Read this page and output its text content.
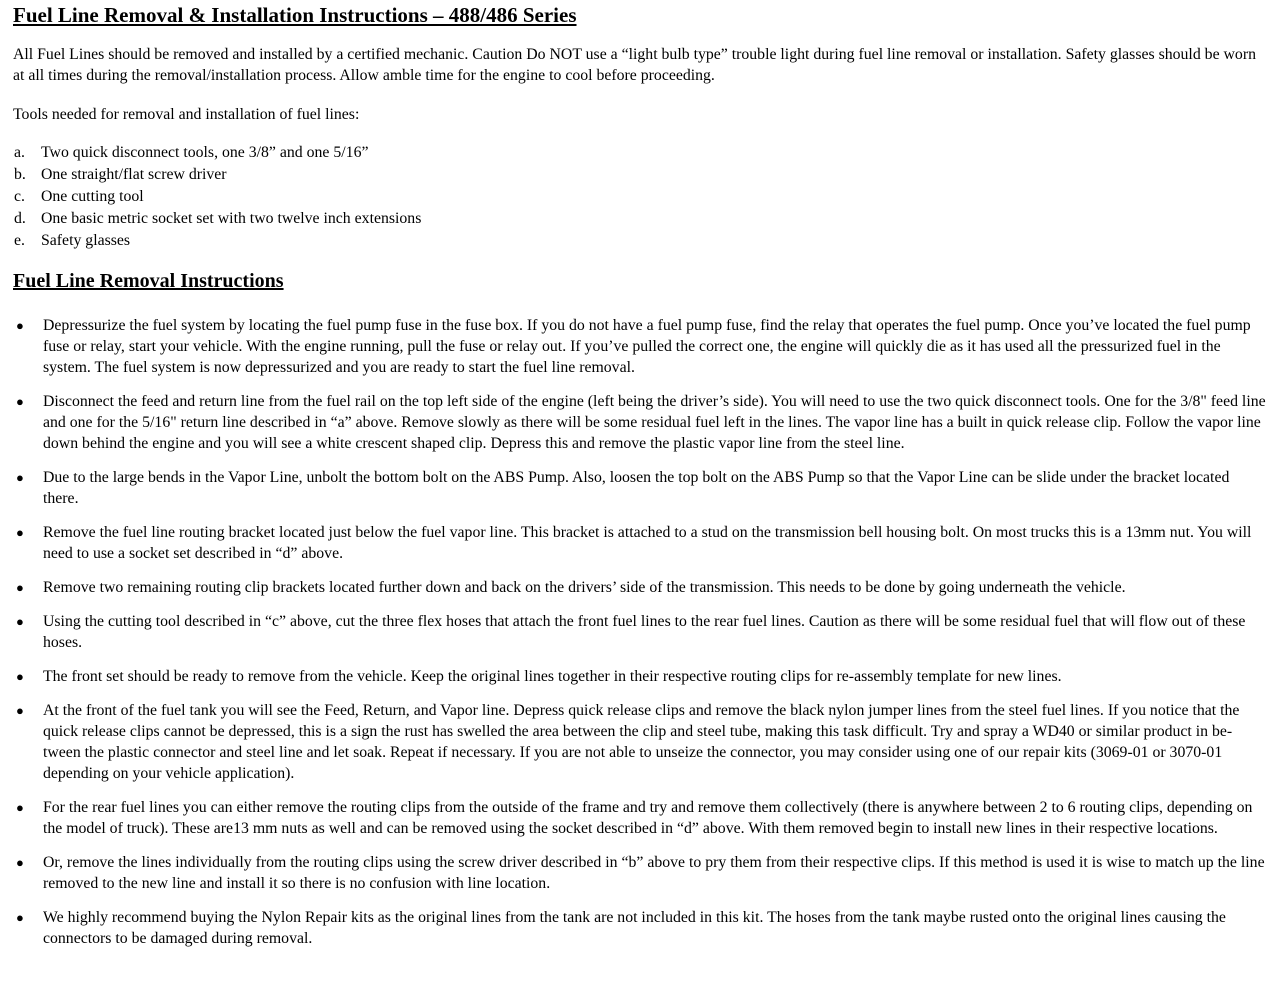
Fuel Line Removal & Installation Instructions – 488/486 Series

All Fuel Lines should be removed and installed by a certified mechanic. Caution Do NOT use a “light bulb type” trouble light during fuel line removal or installation. Safety glasses should be worn at all times during the removal/installation process. Allow amble time for the engine to cool before proceeding.

Tools needed for removal and installation of fuel lines:

a.	Two quick disconnect tools, one 3/8” and one 5/16”
b. One straight/flat screw driver
c.	One cutting tool
d. One basic metric socket set with two twelve inch extensions
e.	Safety glasses
Fuel Line Removal Instructions
●	Depressurize the fuel system by locating the fuel pump fuse in the fuse box. If you do not have a fuel pump fuse, find the relay that operates the fuel pump. Once you’ve located the fuel pump fuse or relay, start your vehicle. With the engine running, pull the fuse or relay out. If you’ve pulled the correct one, the engine will quickly die as it has used all the pressurized fuel in the system. The fuel system is now depressurized and you are ready to start the fuel line removal.
●	Disconnect the feed and return line from the fuel rail on the top left side of the engine (left being the driver’s side). You will need to use the two quick disconnect tools. One for the 3/8" feed line and one for the 5/16" return line described in “a” above. Remove slowly as there will be some residual fuel left in the lines. The vapor line has a built in quick release clip. Follow the vapor line down behind the engine and you will see a white crescent shaped clip. Depress this and remove the plastic vapor line from the steel line.
●	Due to the large bends in the Vapor Line, unbolt the bottom bolt on the ABS Pump. Also, loosen the top bolt on the ABS Pump so that the Vapor Line can be slide under the bracket located there.
●	Remove the fuel line routing bracket located just below the fuel vapor line. This bracket is attached to a stud on the transmission bell housing bolt. On most trucks this is a 13mm nut. You will need to use a socket set described in “d” above.
●	Remove two remaining routing clip brackets located further down and back on the drivers’ side of the transmission. This needs to be done by going underneath the vehicle.
●	Using the cutting tool described in “c” above, cut the three flex hoses that attach the front fuel lines to the rear fuel lines. Caution as there will be some residual fuel that will flow out of these hoses.
●	The front set should be ready to remove from the vehicle. Keep the original lines together in their respective routing clips for re-assembly template for new lines.
●	At the front of the fuel tank you will see the Feed, Return, and Vapor line. Depress quick release clips and remove the black nylon jumper lines from the steel fuel lines. If you notice that the quick release clips cannot be depressed, this is a sign the rust has swelled the area between the clip and steel tube, making this task difficult. Try and spray a WD40 or similar product in be-tween the plastic connector and steel line and let soak. Repeat if necessary. If you are not able to unseize the connector, you may consider using one of our repair kits (3069-01 or 3070-01 depending on your vehicle application).
●	For the rear fuel lines you can either remove the routing clips from the outside of the frame and try and remove them collectively (there is anywhere between 2 to 6 routing clips, depending on the model of truck). These are13 mm nuts as well and can be removed using the socket described in “d” above. With them removed begin to install new lines in their respective locations.
●	Or, remove the lines individually from the routing clips using the screw driver described in “b” above to pry them from their respective clips. If this method is used it is wise to match up the line removed to the new line and install it so there is no confusion with line location.
●	We highly recommend buying the Nylon Repair kits as the original lines from the tank are not included in this kit. The hoses from the tank maybe rusted onto the original lines causing the connectors to be damaged during removal.
